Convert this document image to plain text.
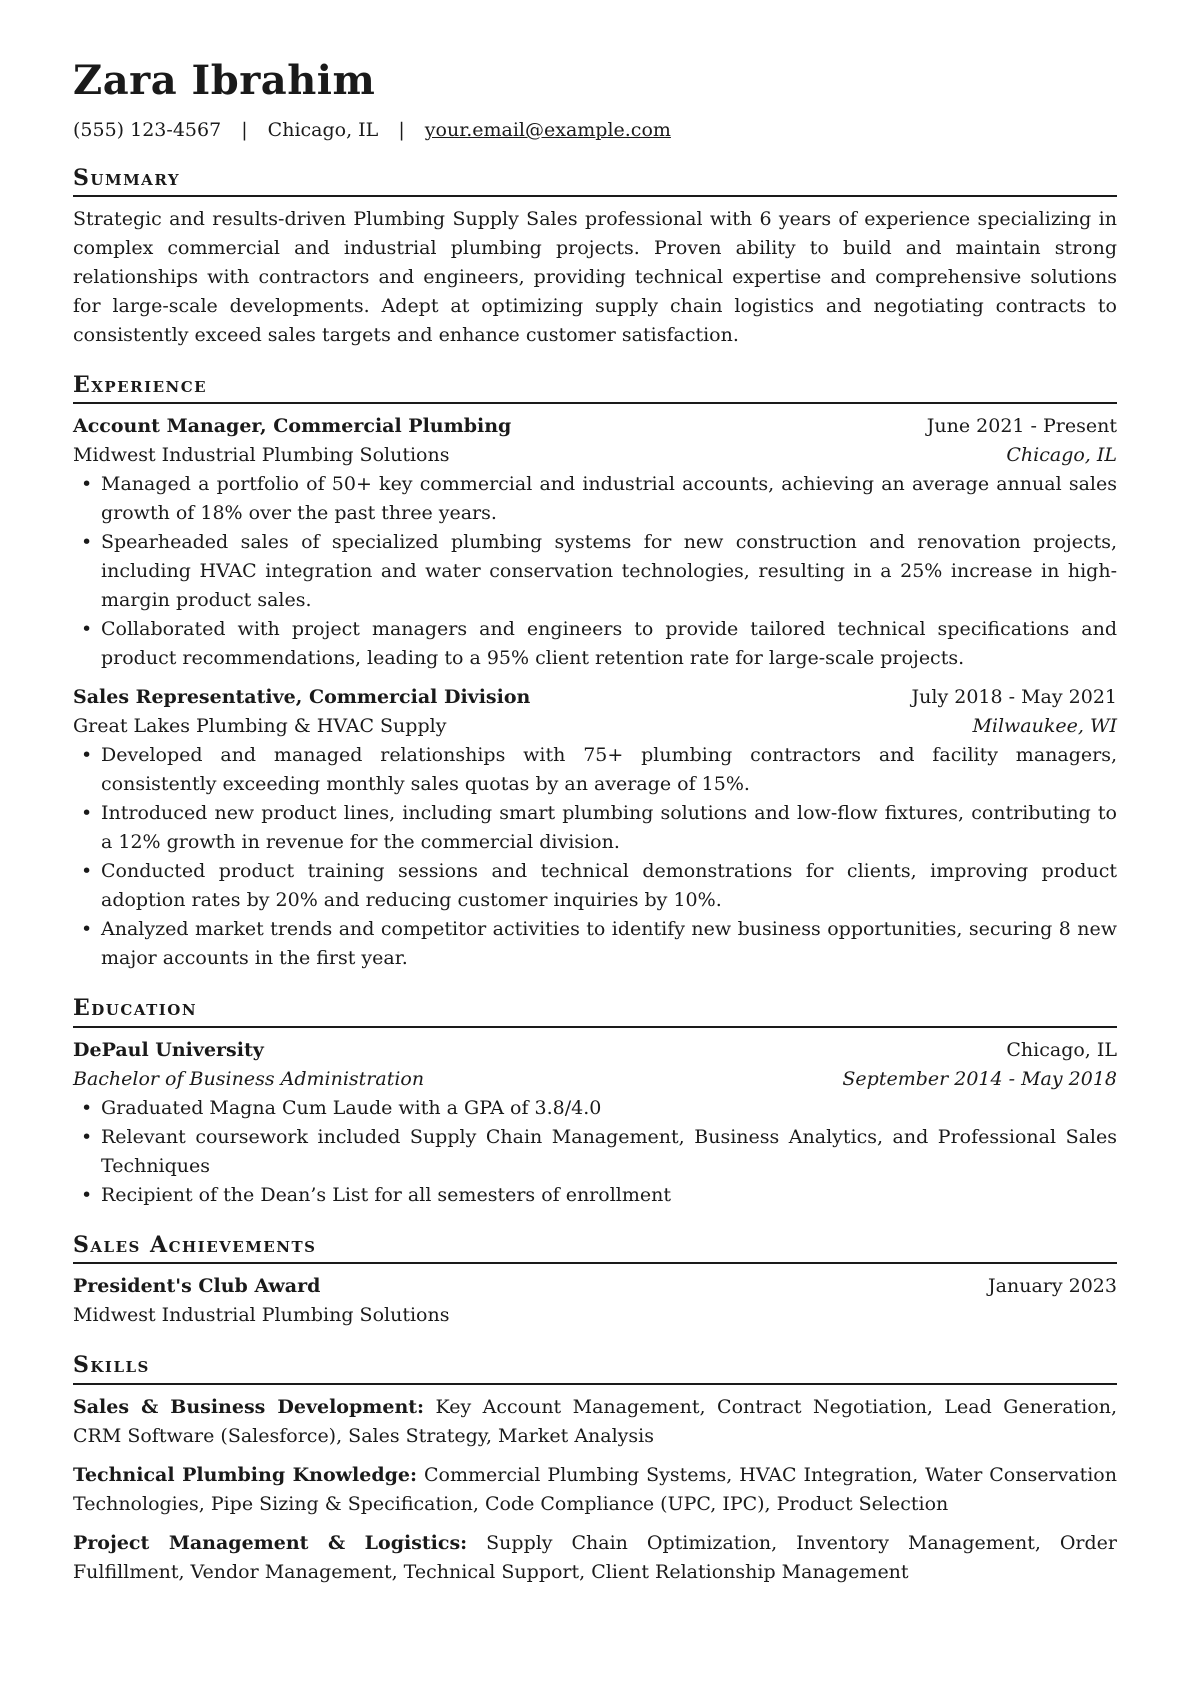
Zara Ibrahim
(555) 123-4567 | Chicago, IL | your.email@example.com
Summary
Strategic and results-driven Plumbing Supply Sales professional with 6 years of experience specializing in complex commercial and industrial plumbing projects. Proven ability to build and maintain strong relationships with contractors and engineers, providing technical expertise and comprehensive solutions for large-scale developments. Adept at optimizing supply chain logistics and negotiating contracts to consistently exceed sales targets and enhance customer satisfaction.
Experience
Account Manager, Commercial Plumbing	June 2021 - Present
Midwest Industrial Plumbing Solutions	Chicago, IL
• Managed a portfolio of 50+ key commercial and industrial accounts, achieving an average annual sales growth of 18% over the past three years.
• Spearheaded sales of specialized plumbing systems for new construction and renovation projects, including HVAC integration and water conservation technologies, resulting in a 25% increase in high-margin product sales.
• Collaborated with project managers and engineers to provide tailored technical specifications and product recommendations, leading to a 95% client retention rate for large-scale projects.
Sales Representative, Commercial Division	July 2018 - May 2021
Great Lakes Plumbing & HVAC Supply	Milwaukee, WI
• Developed and managed relationships with 75+ plumbing contractors and facility managers, consistently exceeding monthly sales quotas by an average of 15%.
• Introduced new product lines, including smart plumbing solutions and low-flow fixtures, contributing to a 12% growth in revenue for the commercial division.
• Conducted product training sessions and technical demonstrations for clients, improving product adoption rates by 20% and reducing customer inquiries by 10%.
• Analyzed market trends and competitor activities to identify new business opportunities, securing 8 new major accounts in the first year.
Education
DePaul University	Chicago, IL
Bachelor of Business Administration	September 2014 - May 2018
• Graduated Magna Cum Laude with a GPA of 3.8/4.0
• Relevant coursework included Supply Chain Management, Business Analytics, and Professional Sales Techniques
• Recipient of the Dean’s List for all semesters of enrollment
Sales Achievements
President's Club Award	January 2023
Midwest Industrial Plumbing Solutions
Skills
Sales & Business Development: Key Account Management, Contract Negotiation, Lead Generation, CRM Software (Salesforce), Sales Strategy, Market Analysis
Technical Plumbing Knowledge: Commercial Plumbing Systems, HVAC Integration, Water Conservation Technologies, Pipe Sizing & Specification, Code Compliance (UPC, IPC), Product Selection
Project Management & Logistics: Supply Chain Optimization, Inventory Management, Order Fulfillment, Vendor Management, Technical Support, Client Relationship Management
